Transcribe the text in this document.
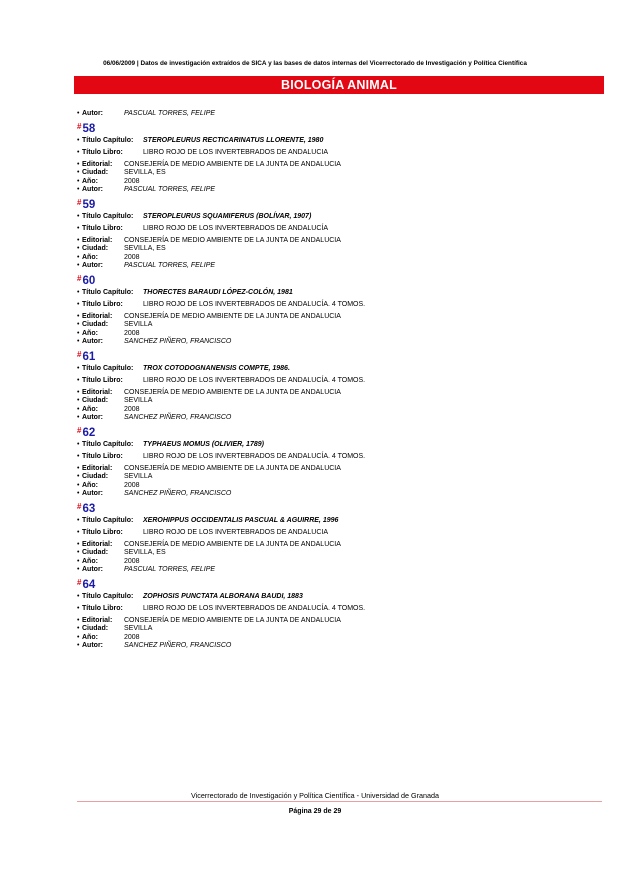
06/06/2009 | Datos de investigación extraídos de SICA y las bases de datos internas del Vicerrectorado de Investigación y Política Científica
BIOLOGÍA ANIMAL
• Autor:	PASCUAL TORRES, FELIPE
#58
• Título Capítulo: STEROPLEURUS RECTICARINATUS LLORENTE, 1980
• Título Libro:	LIBRO ROJO DE LOS INVERTEBRADOS DE ANDALUCIA
• Editorial: CONSEJERÍA DE MEDIO AMBIENTE DE LA JUNTA DE ANDALUCIA
• Ciudad: SEVILLA, ES
• Año:	2008
• Autor:	PASCUAL TORRES, FELIPE
#59
• Título Capítulo: STEROPLEURUS SQUAMIFERUS (BOLÍVAR, 1907)
• Título Libro:	LIBRO ROJO DE LOS INVERTEBRADOS DE ANDALUCÍA
• Editorial: CONSEJERÍA DE MEDIO AMBIENTE DE LA JUNTA DE ANDALUCIA
• Ciudad: SEVILLA, ES
• Año:	2008
• Autor:	PASCUAL TORRES, FELIPE
#60
• Título Capítulo: THORECTES BARAUDI LÓPEZ-COLÓN, 1981
• Título Libro:	LIBRO ROJO DE LOS INVERTEBRADOS DE ANDALUCÍA. 4 TOMOS.
• Editorial: CONSEJERÍA DE MEDIO AMBIENTE DE LA JUNTA DE ANDALUCIA
• Ciudad: SEVILLA
• Año:	2008
• Autor:	SANCHEZ PIÑERO, FRANCISCO
#61
• Título Capítulo: TROX COTODOGNANENSIS COMPTE, 1986.
• Título Libro:	LIBRO ROJO DE LOS INVERTEBRADOS DE ANDALUCÍA. 4 TOMOS.
• Editorial: CONSEJERÍA DE MEDIO AMBIENTE DE LA JUNTA DE ANDALUCIA
• Ciudad: SEVILLA
• Año:	2008
• Autor:	SANCHEZ PIÑERO, FRANCISCO
#62
• Título Capítulo: TYPHAEUS MOMUS (OLIVIER, 1789)
• Título Libro:	LIBRO ROJO DE LOS INVERTEBRADOS DE ANDALUCÍA. 4 TOMOS.
• Editorial: CONSEJERÍA DE MEDIO AMBIENTE DE LA JUNTA DE ANDALUCIA
• Ciudad: SEVILLA
• Año:	2008
• Autor:	SANCHEZ PIÑERO, FRANCISCO
#63
• Título Capítulo: XEROHIPPUS OCCIDENTALIS PASCUAL & AGUIRRE, 1996
• Título Libro:	LIBRO ROJO DE LOS INVERTEBRADOS DE ANDALUCIA
• Editorial: CONSEJERÍA DE MEDIO AMBIENTE DE LA JUNTA DE ANDALUCIA
• Ciudad: SEVILLA, ES
• Año:	2008
• Autor:	PASCUAL TORRES, FELIPE
#64
• Título Capítulo: ZOPHOSIS PUNCTATA ALBORANA BAUDI, 1883
• Título Libro:	LIBRO ROJO DE LOS INVERTEBRADOS DE ANDALUCÍA. 4 TOMOS.
• Editorial: CONSEJERÍA DE MEDIO AMBIENTE DE LA JUNTA DE ANDALUCIA
• Ciudad: SEVILLA
• Año:	2008
• Autor:	SANCHEZ PIÑERO, FRANCISCO
Vicerrectorado de Investigación y Política Científica - Universidad de Granada
Página 29 de 29
